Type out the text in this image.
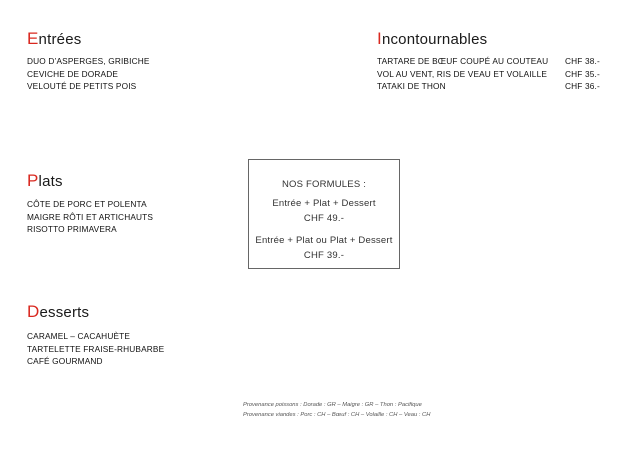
Entrées
DUO D’ASPERGES, GRIBICHE
CEVICHE DE DORADE
VELOUTÉ DE PETITS POIS
Incontournables
TARTARE DE BŒUF COUPÉ AU COUTEAU CHF 38.-
VOL AU VENT, RIS DE VEAU ET VOLAILLE CHF 35.-
TATAKI DE THON	CHF 36.-
Plats
CÔTE DE PORC ET POLENTA
MAIGRE RÔTI ET ARTICHAUTS
RISOTTO PRIMAVERA
Desserts
CARAMEL – CACAHUÈTE
TARTELETTE FRAISE-RHUBARBE
CAFÉ GOURMAND
NOS FORMULES :
Entrée + Plat + Dessert
CHF 49.-
Entrée + Plat ou Plat + Dessert
CHF 39.-
Provenance poissons : Dorade : GR – Maigre : GR – Thon : Pacifique
Provenance viandes : Porc : CH – Bœuf : CH – Volaille : CH – Veau : CH
